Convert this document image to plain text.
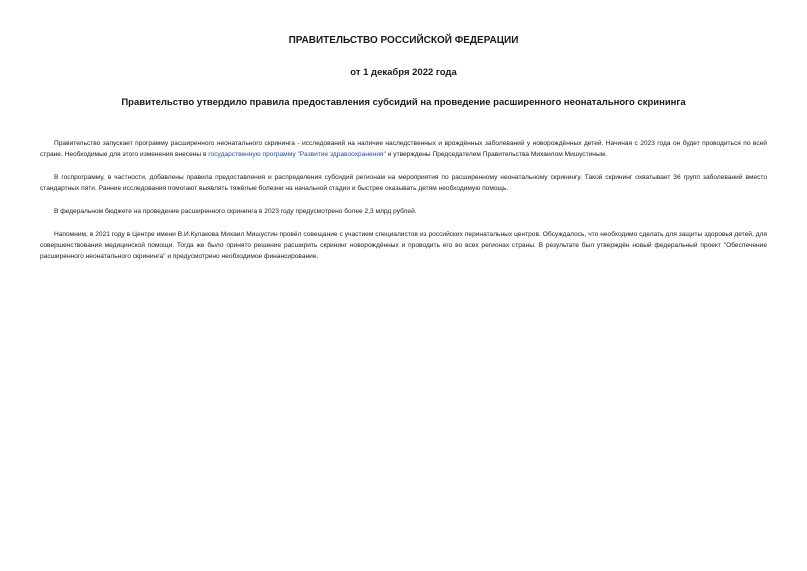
ПРАВИТЕЛЬСТВО РОССИЙСКОЙ ФЕДЕРАЦИИ
от 1 декабря 2022 года
Правительство утвердило правила предоставления субсидий на проведение расширенного неонатального скрининга

Правительство запускает программу расширенного неонатального скрининга - исследований на наличие наследственных и врождённых заболеваний у новорождённых детей. Начиная с 2023 года он будет проводиться по всей стране. Необходимые для этого изменения внесены в государственную программу "Развитие здравоохранения" и утверждены Председателем Правительства Михаилом Мишустиным.

В госпрограмму, в частности, добавлены правила предоставления и распределения субсидий регионам на мероприятия по расширенному неонатальному скринингу. Такой скрининг охватывает 36 групп заболеваний вместо стандартных пяти. Ранние исследования помогают выявлять тяжёлые болезни на начальной стадии и быстрее оказывать детям необходимую помощь.

В федеральном бюджете на проведение расширенного скрининга в 2023 году предусмотрено более 2,3 млрд рублей.

Напомним, в 2021 году в Центре имени В.И.Кулакова Михаил Мишустин провёл совещание с участием специалистов из российских перинатальных центров. Обсуждалось, что необходимо сделать для защиты здоровья детей, для совершенствования медицинской помощи. Тогда же было принято решение расширить скрининг новорождённых и проводить его во всех регионах страны. В результате был утверждён новый федеральный проект "Обеспечение расширенного неонатального скрининга" и предусмотрено необходимое финансирование.
